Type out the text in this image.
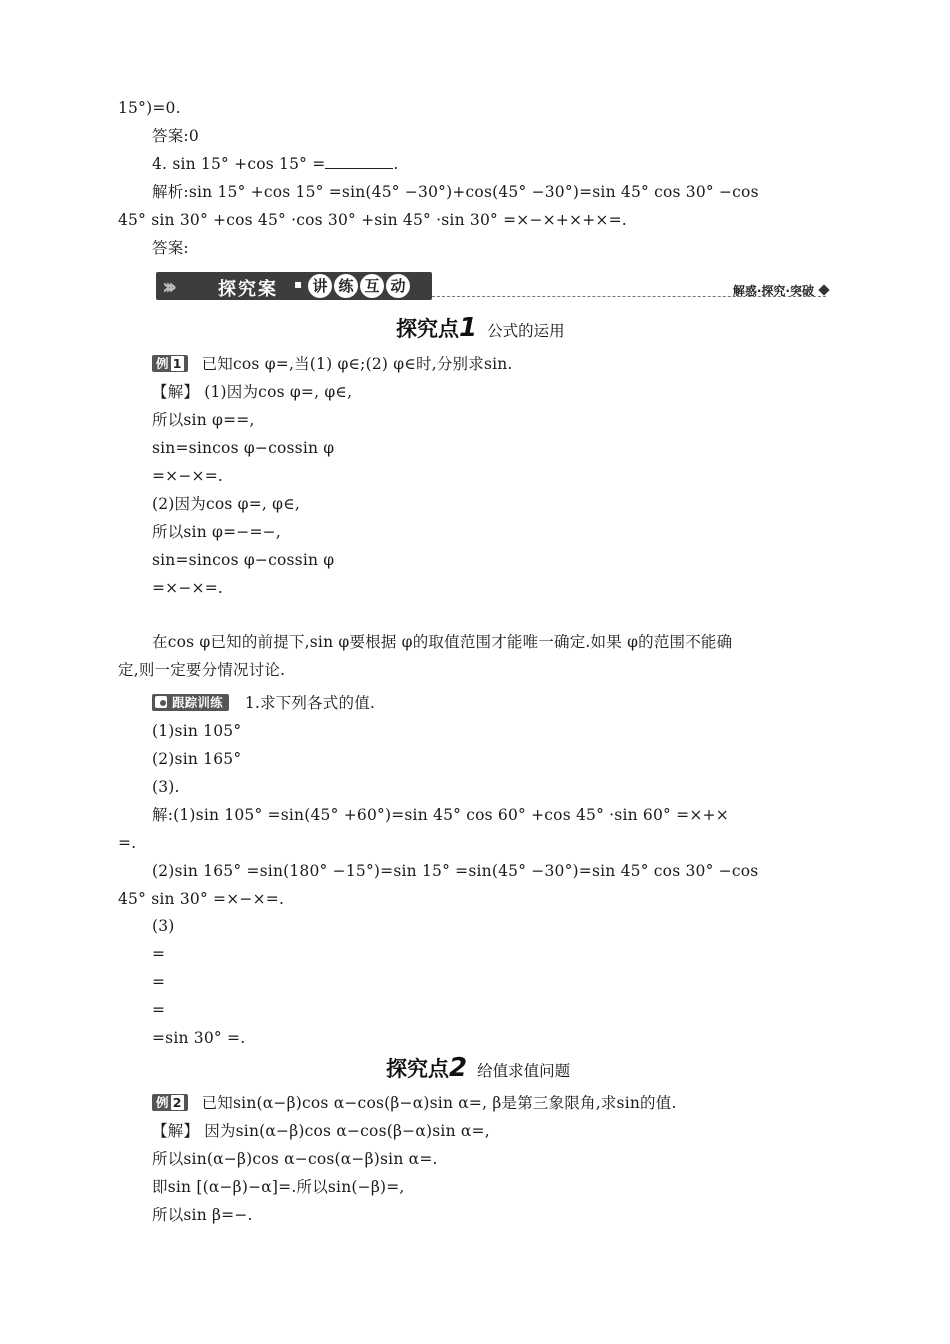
15°)=0.
答案:0
4. sin 15° +cos 15° =	.
解析:sin 15° +cos 15° =sin(45° −30°)+cos(45° −30°)=sin 45° cos 30° −cos
45° sin 30° +cos 45° ·cos 30° +sin 45° ·sin 30° =×−×+×+×=.
答案:
›››	探究案 ▪ 讲 练 互 动	解惑·探究·突破
探究点1 公式的运用
例 1 已知cos φ=,当(1) φ∈;(2) φ∈时,分别求sin.
【解】 (1)因为cos φ=, φ∈,
所以sin φ==,
sin=sincos φ−cossin φ
=×−×=.
(2)因为cos φ=, φ∈,
所以sin φ=−=−,
sin=sincos φ−cossin φ
=×−×=.
在cos φ已知的前提下,sin φ要根据 φ的取值范围才能唯一确定.如果 φ的范围不能确
定,则一定要分情况讨论.
跟踪训练 1.求下列各式的值.
(1)sin 105°
(2)sin 165°
(3).
解:(1)sin 105° =sin(45° +60°)=sin 45° cos 60° +cos 45° ·sin 60° =×+×
=.
(2)sin 165° =sin(180° −15°)=sin 15° =sin(45° −30°)=sin 45° cos 30° −cos
45° sin 30° =×−×=.
(3)
=
=
=
=sin 30° =.
探究点2 给值求值问题
例 2 已知sin(α−β)cos α−cos(β−α)sin α=, β是第三象限角,求sin的值.
【解】 因为sin(α−β)cos α−cos(β−α)sin α=,
所以sin(α−β)cos α−cos(α−β)sin α=.
即sin [(α−β)−α]=.所以sin(−β)=,
所以sin β=−.
